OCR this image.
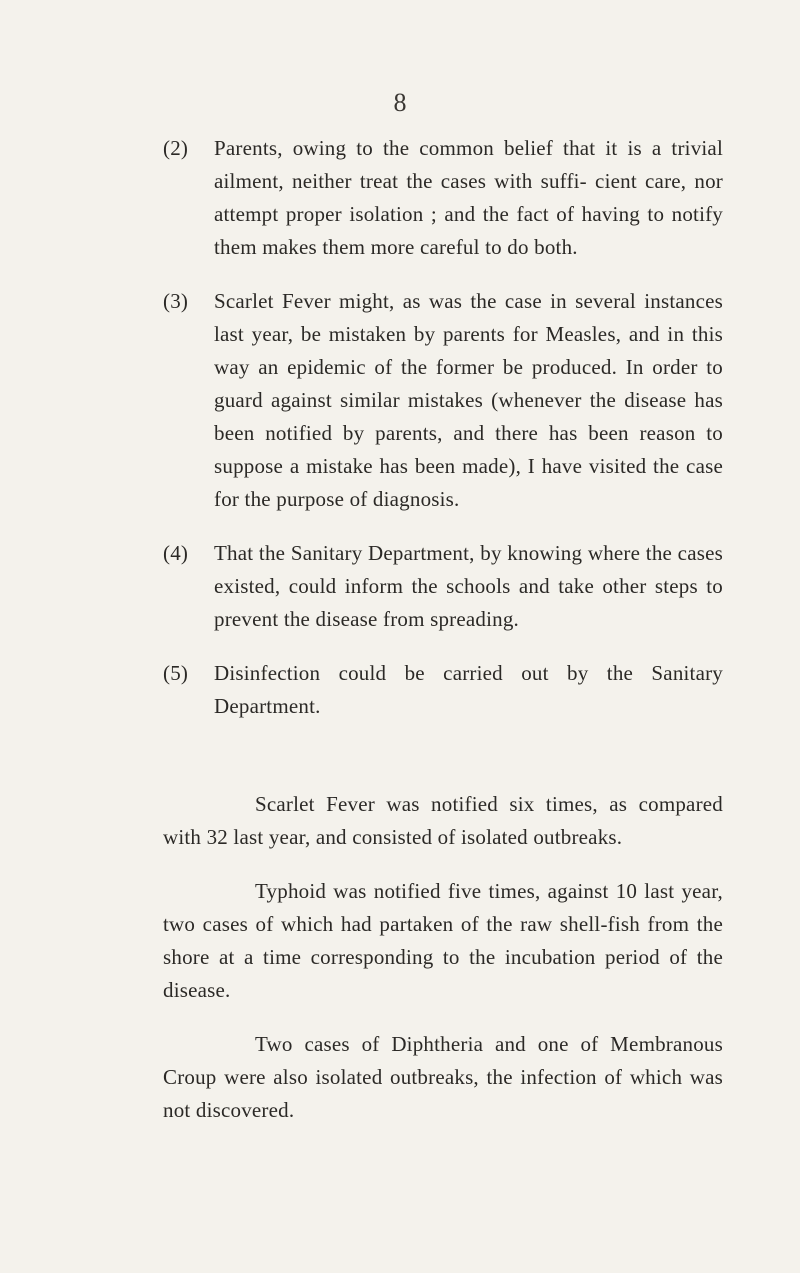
8
(2)	Parents, owing to the common belief that it is a trivial ailment, neither treat the cases with suffi- cient care, nor attempt proper isolation ; and the fact of having to notify them makes them more careful to do both.
(3)	Scarlet Fever might, as was the case in several instances last year, be mistaken by parents for Measles, and in this way an epidemic of the former be produced. In order to guard against similar mistakes (whenever the disease has been notified by parents, and there has been reason to suppose a mistake has been made), I have visited the case for the purpose of diagnosis.
(4)	That the Sanitary Department, by knowing where the cases existed, could inform the schools and take other steps to prevent the disease from spreading.
(5)	Disinfection could be carried out by the Sanitary Department.

Scarlet Fever was notified six times, as compared with 32 last year, and consisted of isolated outbreaks.

Typhoid was notified five times, against 10 last year, two cases of which had partaken of the raw shell-fish from the shore at a time corresponding to the incubation period of the disease.

Two cases of Diphtheria and one of Membranous Croup were also isolated outbreaks, the infection of which was not discovered.
